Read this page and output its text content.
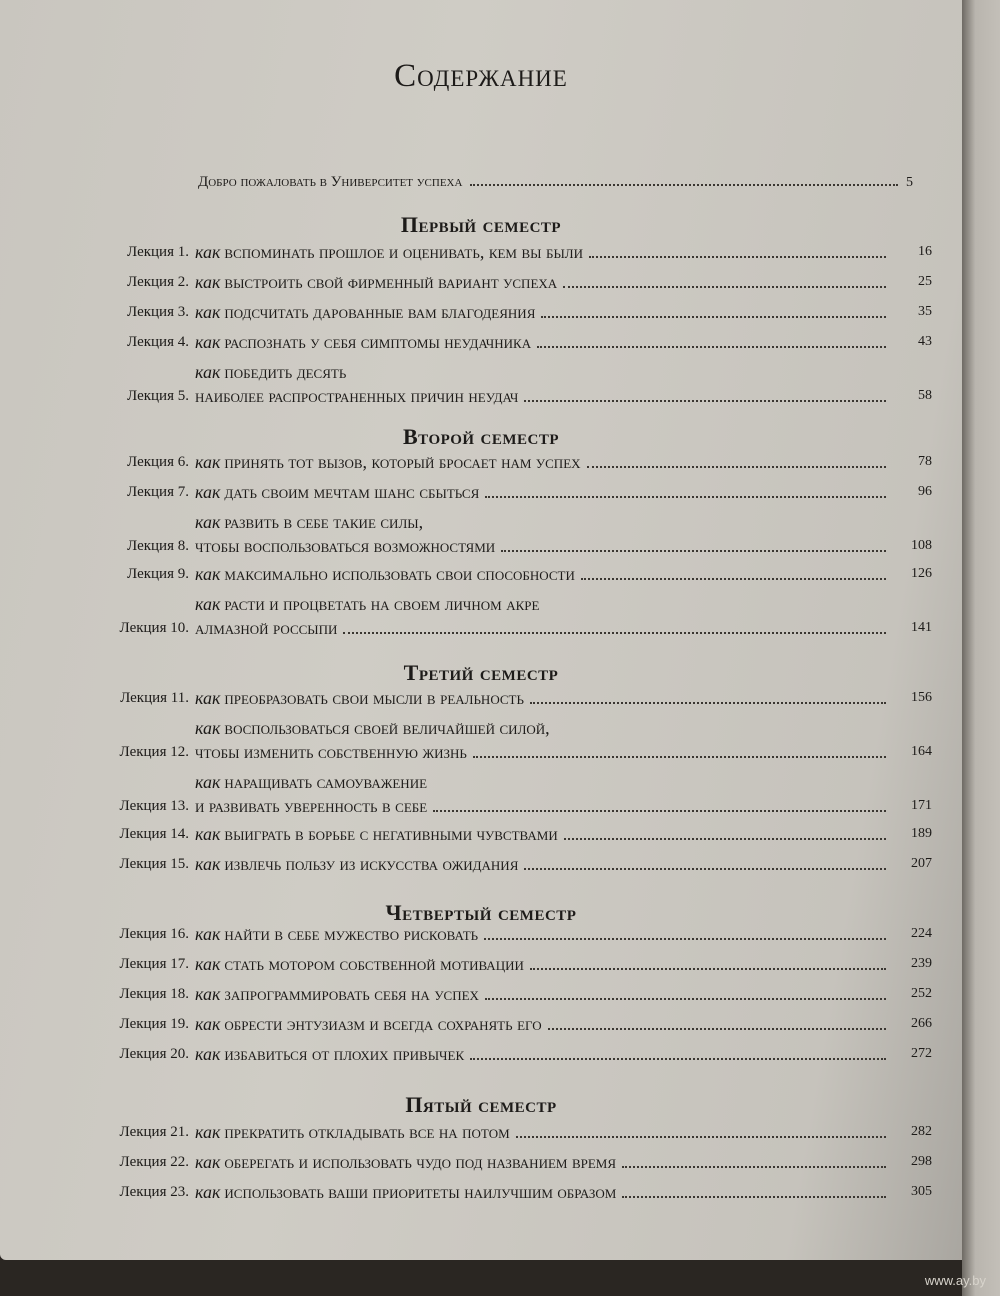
Содержание
Добро пожаловать в Университет успеха	5
Первый семестр
Второй семестр
Третий семестр
Четвертый семестр
Пятый семестр
Лекция 1. как вспоминать прошлое и оценивать, кем вы были	16
Лекция 2. как выстроить свой фирменный вариант успеха	25
Лекция 3. как подсчитать дарованные вам благодеяния	35
Лекция 4. как распознать у себя симптомы неудачника	43
Лекция 5.
как победить десять
наиболее распространенных причин неудач	58
Лекция 6. как принять тот вызов, который бросает нам успех	78
Лекция 7. как дать своим мечтам шанс сбыться	96
Лекция 8.
как развить в себе такие силы,
чтобы воспользоваться возможностями	108
Лекция 9. как максимально использовать свои способности	126
Лекция 10.
как расти и процветать на своем личном акре
алмазной россыпи	141
Лекция 11. как преобразовать свои мысли в реальность	156
Лекция 12.
как воспользоваться своей величайшей силой,
чтобы изменить собственную жизнь	164
Лекция 13.
как наращивать самоуважение
и развивать уверенность в себе	171
Лекция 14. как выиграть в борьбе с негативными чувствами	189
Лекция 15. как извлечь пользу из искусства ожидания	207
Лекция 16. как найти в себе мужество рисковать	224
Лекция 17. как стать мотором собственной мотивации	239
Лекция 18. как запрограммировать себя на успех	252
Лекция 19. как обрести энтузиазм и всегда сохранять его	266
Лекция 20. как избавиться от плохих привычек	272
Лекция 21. как прекратить откладывать все на потом	282
Лекция 22. как оберегать и использовать чудо под названием время	298
Лекция 23. как использовать ваши приоритеты наилучшим образом	305
www.ay.by
